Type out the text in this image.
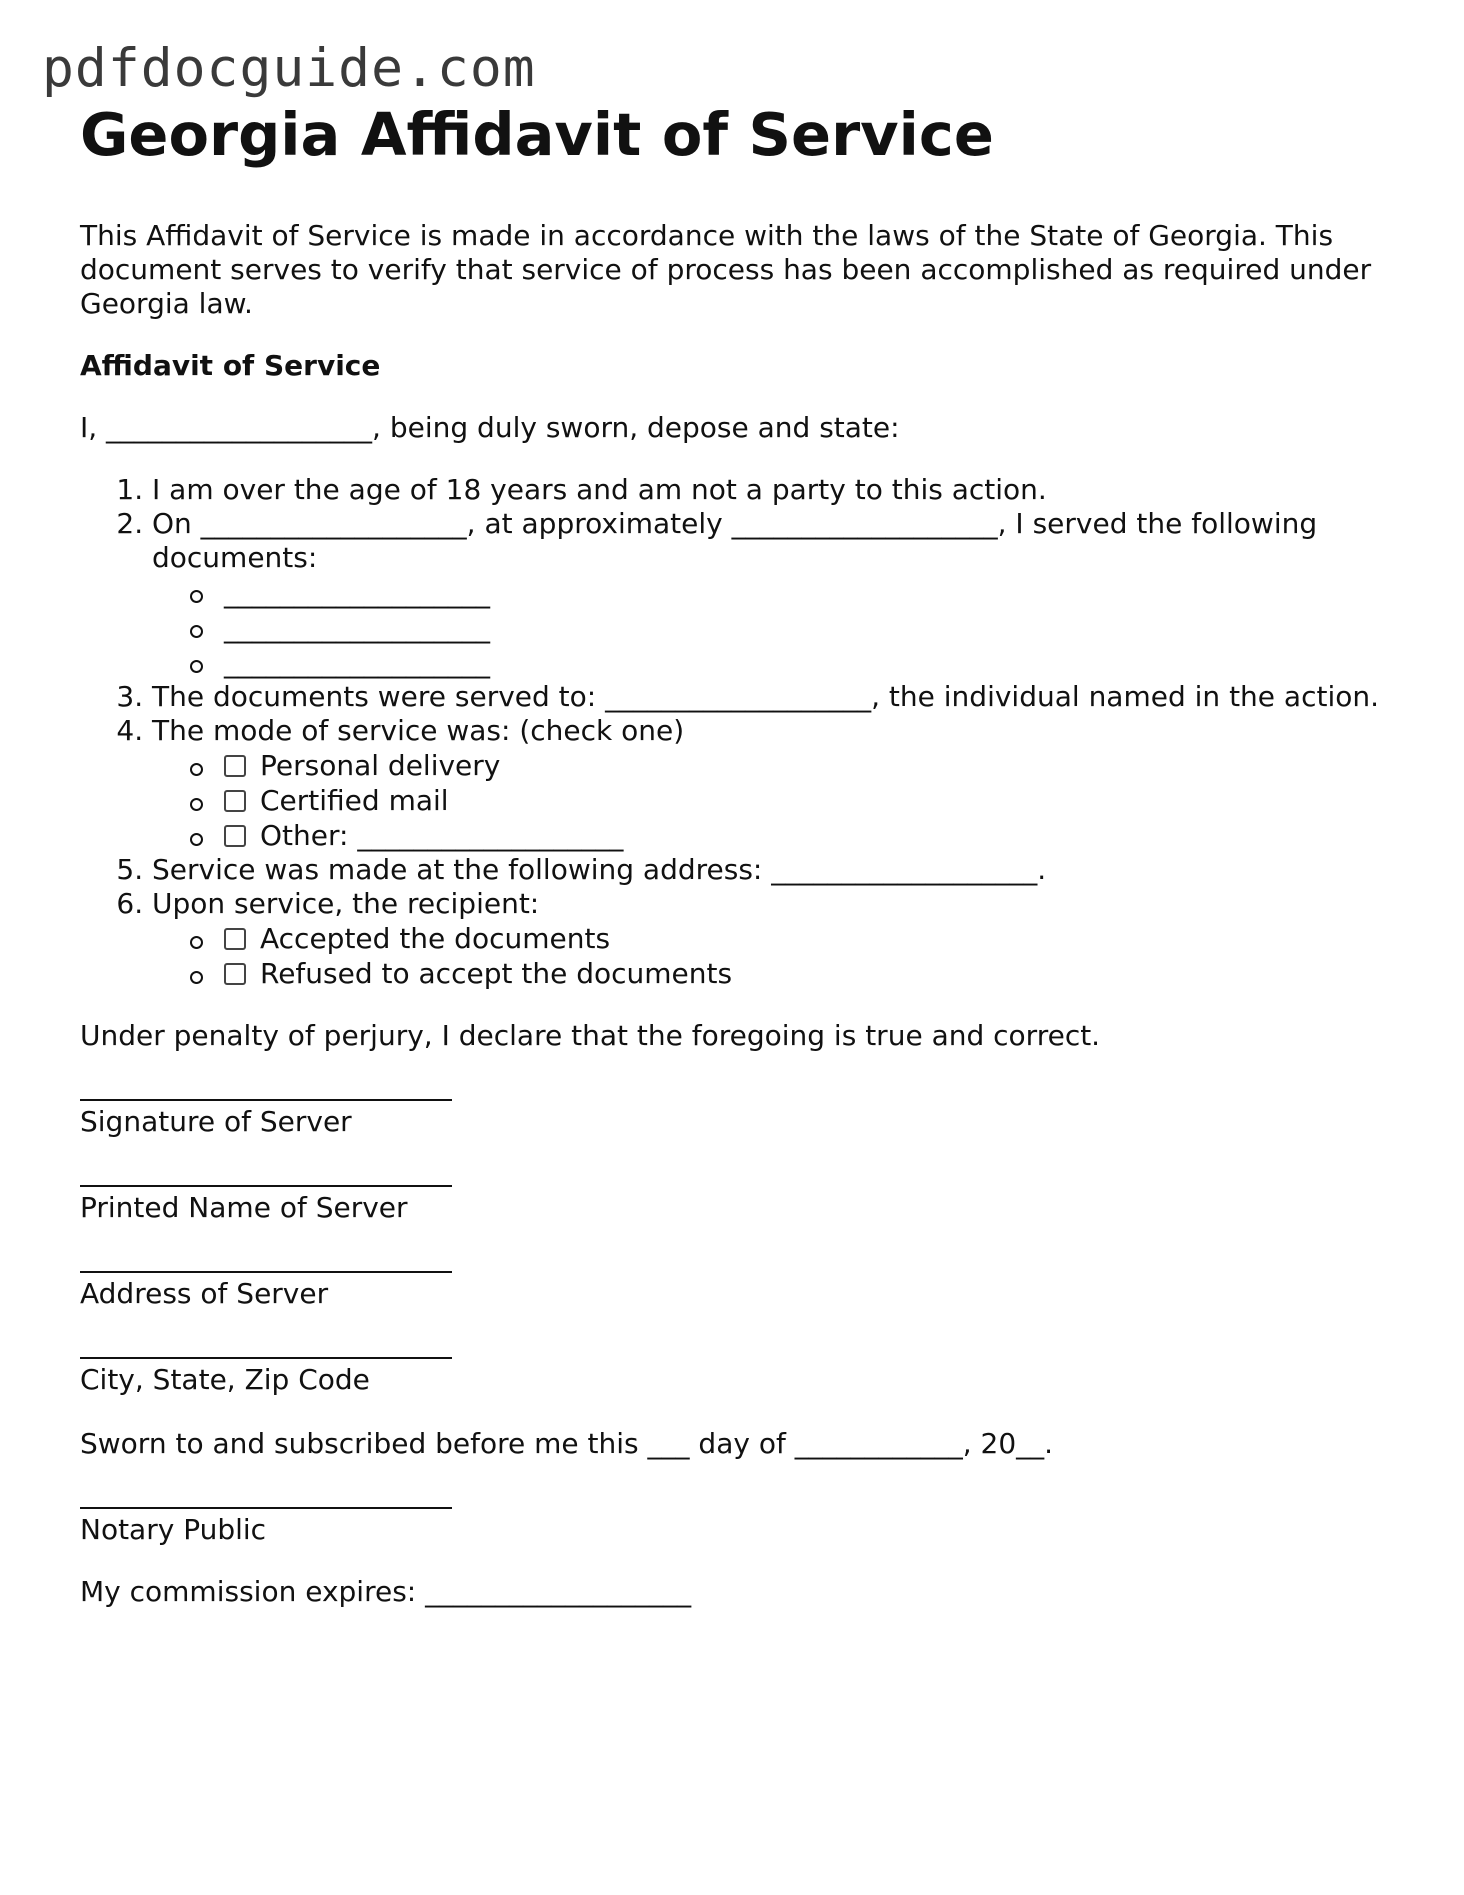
pdfdocguide.com
Georgia Affidavit of Service

This Affidavit of Service is made in accordance with the laws of the State of Georgia. This document serves to verify that service of process has been accomplished as required under Georgia law.

Affidavit of Service
I, ___________________, being duly sworn, depose and state:
1. I am over the age of 18 years and am not a party to this action.
2. On ___________________, at approximately ___________________, I served the following documents:
___________________
___________________
___________________
3. The documents were served to: ___________________, the individual named in the action.
4. The mode of service was: (check one)
Personal delivery
Certified mail
Other: ___________________
5. Service was made at the following address: ___________________.
6. Upon service, the recipient:
Accepted the documents
Refused to accept the documents
Under penalty of perjury, I declare that the foregoing is true and correct.
Signature of Server
Printed Name of Server
Address of Server
City, State, Zip Code
Sworn to and subscribed before me this ___ day of ____________, 20__.
Notary Public
My commission expires: ___________________
